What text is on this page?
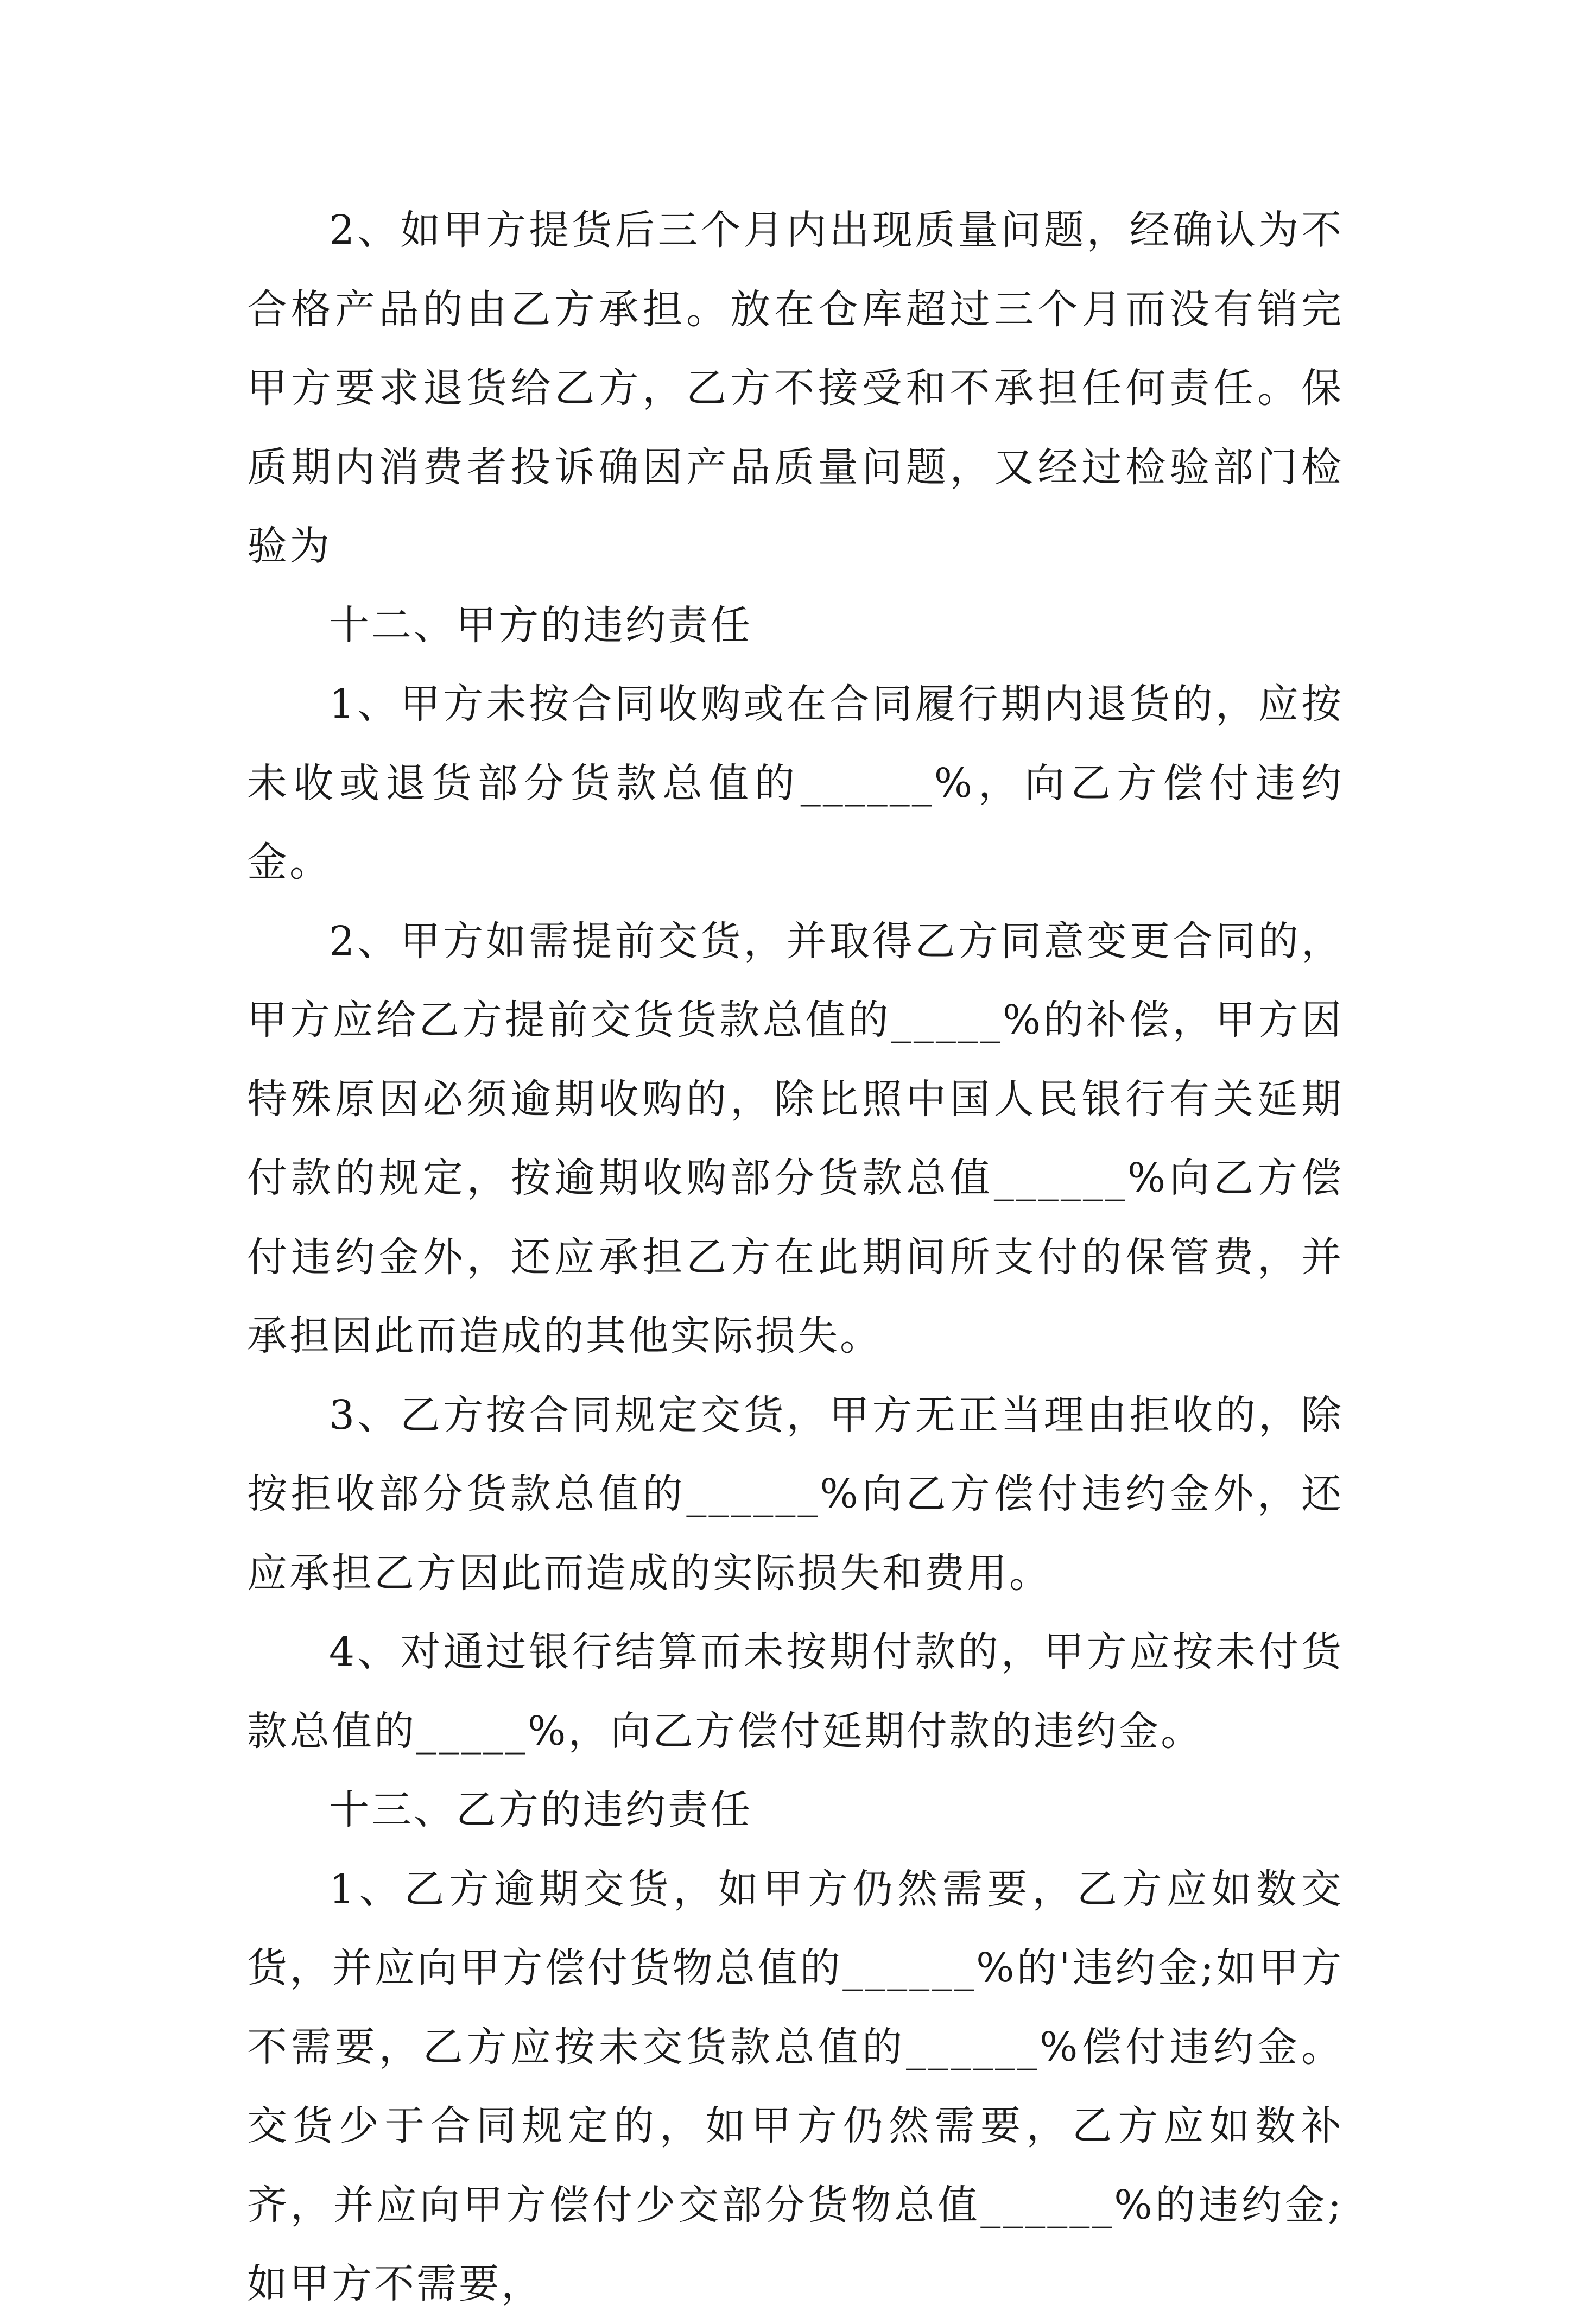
2、如甲方提货后三个月内出现质量问题，经确认为不合格产品的由乙方承担。放在仓库超过三个月而没有销完甲方要求退货给乙方，乙方不接受和不承担任何责任。保质期内消费者投诉确因产品质量问题，又经过检验部门检验为

十二、甲方的违约责任

1、甲方未按合同收购或在合同履行期内退货的，应按未收或退货部分货款总值的______%，向乙方偿付违约金。

2、甲方如需提前交货，并取得乙方同意变更合同的，甲方应给乙方提前交货货款总值的_____%的补偿，甲方因特殊原因必须逾期收购的，除比照中国人民银行有关延期付款的规定，按逾期收购部分货款总值______%向乙方偿付违约金外，还应承担乙方在此期间所支付的保管费，并承担因此而造成的其他实际损失。

3、乙方按合同规定交货，甲方无正当理由拒收的，除按拒收部分货款总值的______%向乙方偿付违约金外，还应承担乙方因此而造成的实际损失和费用。

4、对通过银行结算而未按期付款的，甲方应按未付货款总值的_____%，向乙方偿付延期付款的违约金。

十三、乙方的违约责任

1、乙方逾期交货，如甲方仍然需要，乙方应如数交货，并应向甲方偿付货物总值的______%的'违约金;如甲方不需要，乙方应按未交货款总值的______%偿付违约金。交货少于合同规定的，如甲方仍然需要，乙方应如数补齐，并应向甲方偿付少交部分货物总值______%的违约金;如甲方不需要，
